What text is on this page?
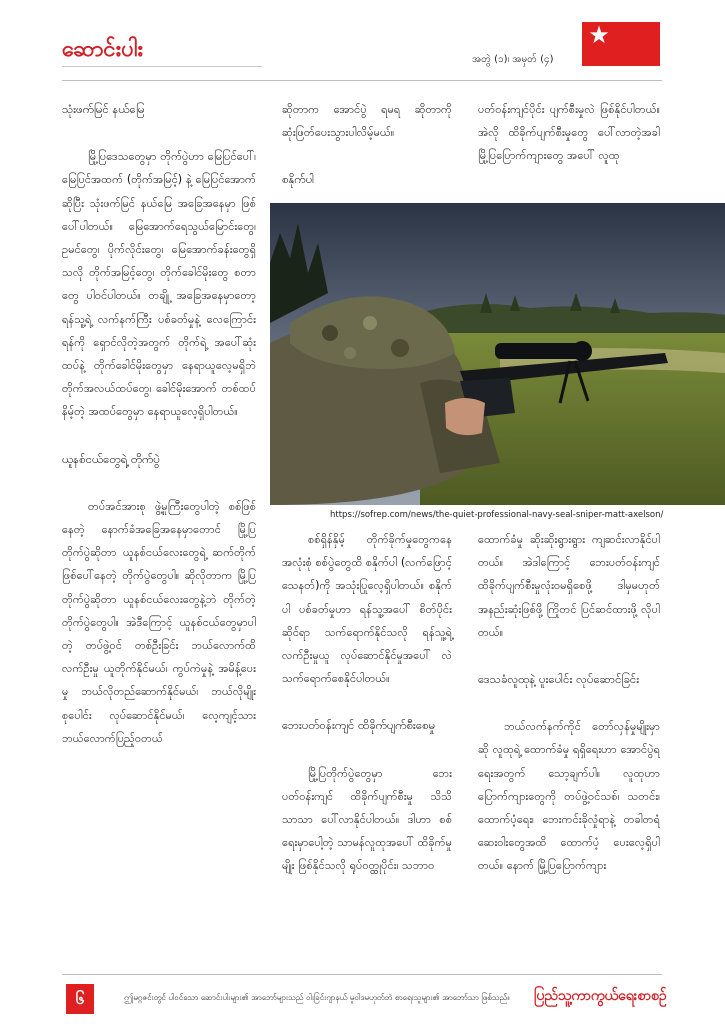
ဆောင်းပါး	အတွဲ (၁)၊ အမှတ် (၄)
★
သုံးဖက်မြင် နယ်မြေ

မြို့ပြဒေသတွေမှာ တိုက်ပွဲဟာ မြေပြင်ပေါ်၊ မြေပြင်အထက် (တိုက်အမြင့်) နဲ့ မြေပြင်အောက် ဆိုပြီး သုံးဖက်မြင် နယ်မြေ အခြေအနေမှာ ဖြစ်ပေါ်ပါတယ်။ မြေအောက်ရေသွယ်မြောင်းတွေ၊ဥမင်တွေ၊ ပိုက်လိုင်းတွေ၊ မြေအောက်ခန်းတွေရှိသလို တိုက်အမြင့်တွေ၊ တိုက်ခေါင်မိုးတွေ စတာတွေ ပါဝင်ပါတယ်။ တချို့ အခြေအနေမှာတော့ ရန်သူ့ရဲ့ လက်နက်ကြီး ပစ်ခတ်မှုနဲ့ လေကြောင်းရန်ကို ရှောင်လိုတဲ့အတွက် တိုက်ရဲ့ အပေါ်ဆုံးထပ်နဲ့ တိုက်ခေါင်မိုးတွေမှာ နေရာယူလေ့မရှိဘဲ တိုက်အလယ်ထပ်တွေ၊ ခေါင်မိုးအောက် တစ်ထပ်နိမ့်တဲ့ အထပ်တွေမှာ နေရာယူလေ့ရှိပါတယ်။

ယူနစ်ငယ်တွေရဲ့ တိုက်ပွဲ

တပ်အင်အားစု ဖွဲ့မှုကြီးတွေပါတဲ့ စစ်ဖြစ်နေတဲ့ နောက်ခံအခြေအနေမှာတောင် မြို့ပြတိုက်ပွဲဆိုတာ ယူနစ်ငယ်လေးတွေရဲ့ ဆက်တိုက် ဖြစ်ပေါ်နေတဲ့ တိုက်ပွဲတွေပါ။ ဆိုလိုတာက မြို့ပြ တိုက်ပွဲဆိုတာ ယူနစ်ငယ်လေးတွေနဲ့ဘဲ တိုက်တဲ့ တိုက်ပွဲတွေပါ။ အဲဒီကြောင့် ယူနစ်ငယ်တွေမှာပါတဲ့ တပ်ဖွဲ့ဝင် တစ်ဦးခြင်း ဘယ်လောက်ထိ လက်ဦးမှု ယူတိုက်နိုင်မယ်၊ ကွပ်ကဲမှုနဲ့ အမိန့်ပေးမှု ဘယ်လိုတည်ဆောက်နိုင်မယ်၊ ဘယ်လိုမျိုး စုပေါင်း လုပ်ဆောင်နိုင်မယ်၊ လေ့ကျင့်သား ဘယ်လောက်ပြည့်ဝတယ်

ဆိုတာက အောင်ပွဲ ရမရ ဆိုတာကို ဆုံးဖြတ်ပေးသွားပါလိမ့်မယ်။

စနိုက်ပါ

ပတ်ဝန်းကျင်ပိုင်း ပျက်စီးမှုလဲ ဖြစ်နိုင်ပါတယ်။ အဲလို ထိခိုက်ပျက်စီးမှုတွေ ပေါ်လာတဲ့အခါ မြို့ပြပြောက်ကျားတွေ အပေါ် လူထု

https://sofrep.com/news/the-quiet-professional-navy-seal-sniper-matt-axelson/

စစ်ရှိန်နှိမ့် တိုက်ခိုက်မှုတွေကနေ အလုံးစုံ စစ်ပွဲတွေထိ စနိုက်ပါ (လက်ဖြောင့်သေနတ်)ကို အသုံးပြုလေ့ရှိပါတယ်။ စနိုက်ပါ ပစ်ခတ်မှုဟာ ရန်သူ့အပေါ် စိတ်ပိုင်းဆိုင်ရာ သက်ရောက်နိုင်သလို ရန်သူ့ရဲ့ လက်ဦးမှုယူ လုပ်ဆောင်နိုင်မှုအပေါ် လဲသက်ရောက်စေနိုင်ပါတယ်။

ဘေးပတ်ဝန်းကျင် ထိခိုက်ပျက်စီးစေမှု

မြို့ပြတိုက်ပွဲတွေမှာ ဘေးပတ်ဝန်းကျင် ထိခိုက်ပျက်စီးမှု သိသိသာသာ ပေါ်လာနိုင်ပါတယ်။ ဒါဟာ စစ်ရေးမှာပေါ့တဲ့ သာမန်လူထုအပေါ် ထိခိုက်မှုမျိုး ဖြစ်နိုင်သလို ရုပ်ဝတ္ထုပိုင်း၊ သဘာဝ

ထောက်ခံမှု ဆိုးဆိုးရွားရွား ကျဆင်းလာနိုင်ပါတယ်။ အဲဒါကြောင့် ဘေးပတ်ဝန်းကျင် ထိခိုက်ပျက်စီးမှုလုံးဝမရှိစေဖို့ ဒါမှမဟုတ် အနည်းဆုံးဖြစ်ဖို့ ကြိုတင် ပြင်ဆင်ထားဖို့ လိုပါတယ်။

ဒေသခံလူထုနဲ့ ပူးပေါင်း လုပ်ဆောင်ခြင်း

ဘယ်လက်နက်ကိုင် တော်လှန်မှုမျိုးမှာဆို လူထုရဲ့ ထောက်ခံမှု ရရှိရေးဟာ အောင်ပွဲရရေးအတွက် သော့ချက်ပါ။ လူထုဟာ ပြောက်ကျားတွေကို တပ်ဖွဲ့ဝင်သစ်၊ သတင်း၊ ထောက်ပံ့ရေး၊ ဘေးကင်းခိုလှုံရာနဲ့ တခါတရံ ဆေးဝါးတွေအထိ ထောက်ပံ့ ပေးလေ့ရှိပါတယ်။ နောက် မြို့ပြပြောက်ကျား

၆	ဤမဂ္ဂဇင်းတွင် ပါဝင်သော ဆောင်းပါးများ၏ အာဘော်များသည် ဝါးခြင်းဂျာနယ် မူဝါဒမဟုတ်ဘဲ စာရေးသူများ၏ အာဘော်သာ ဖြစ်သည်။ ပြည်သူ့ကာကွယ်ရေးစာစဉ်
